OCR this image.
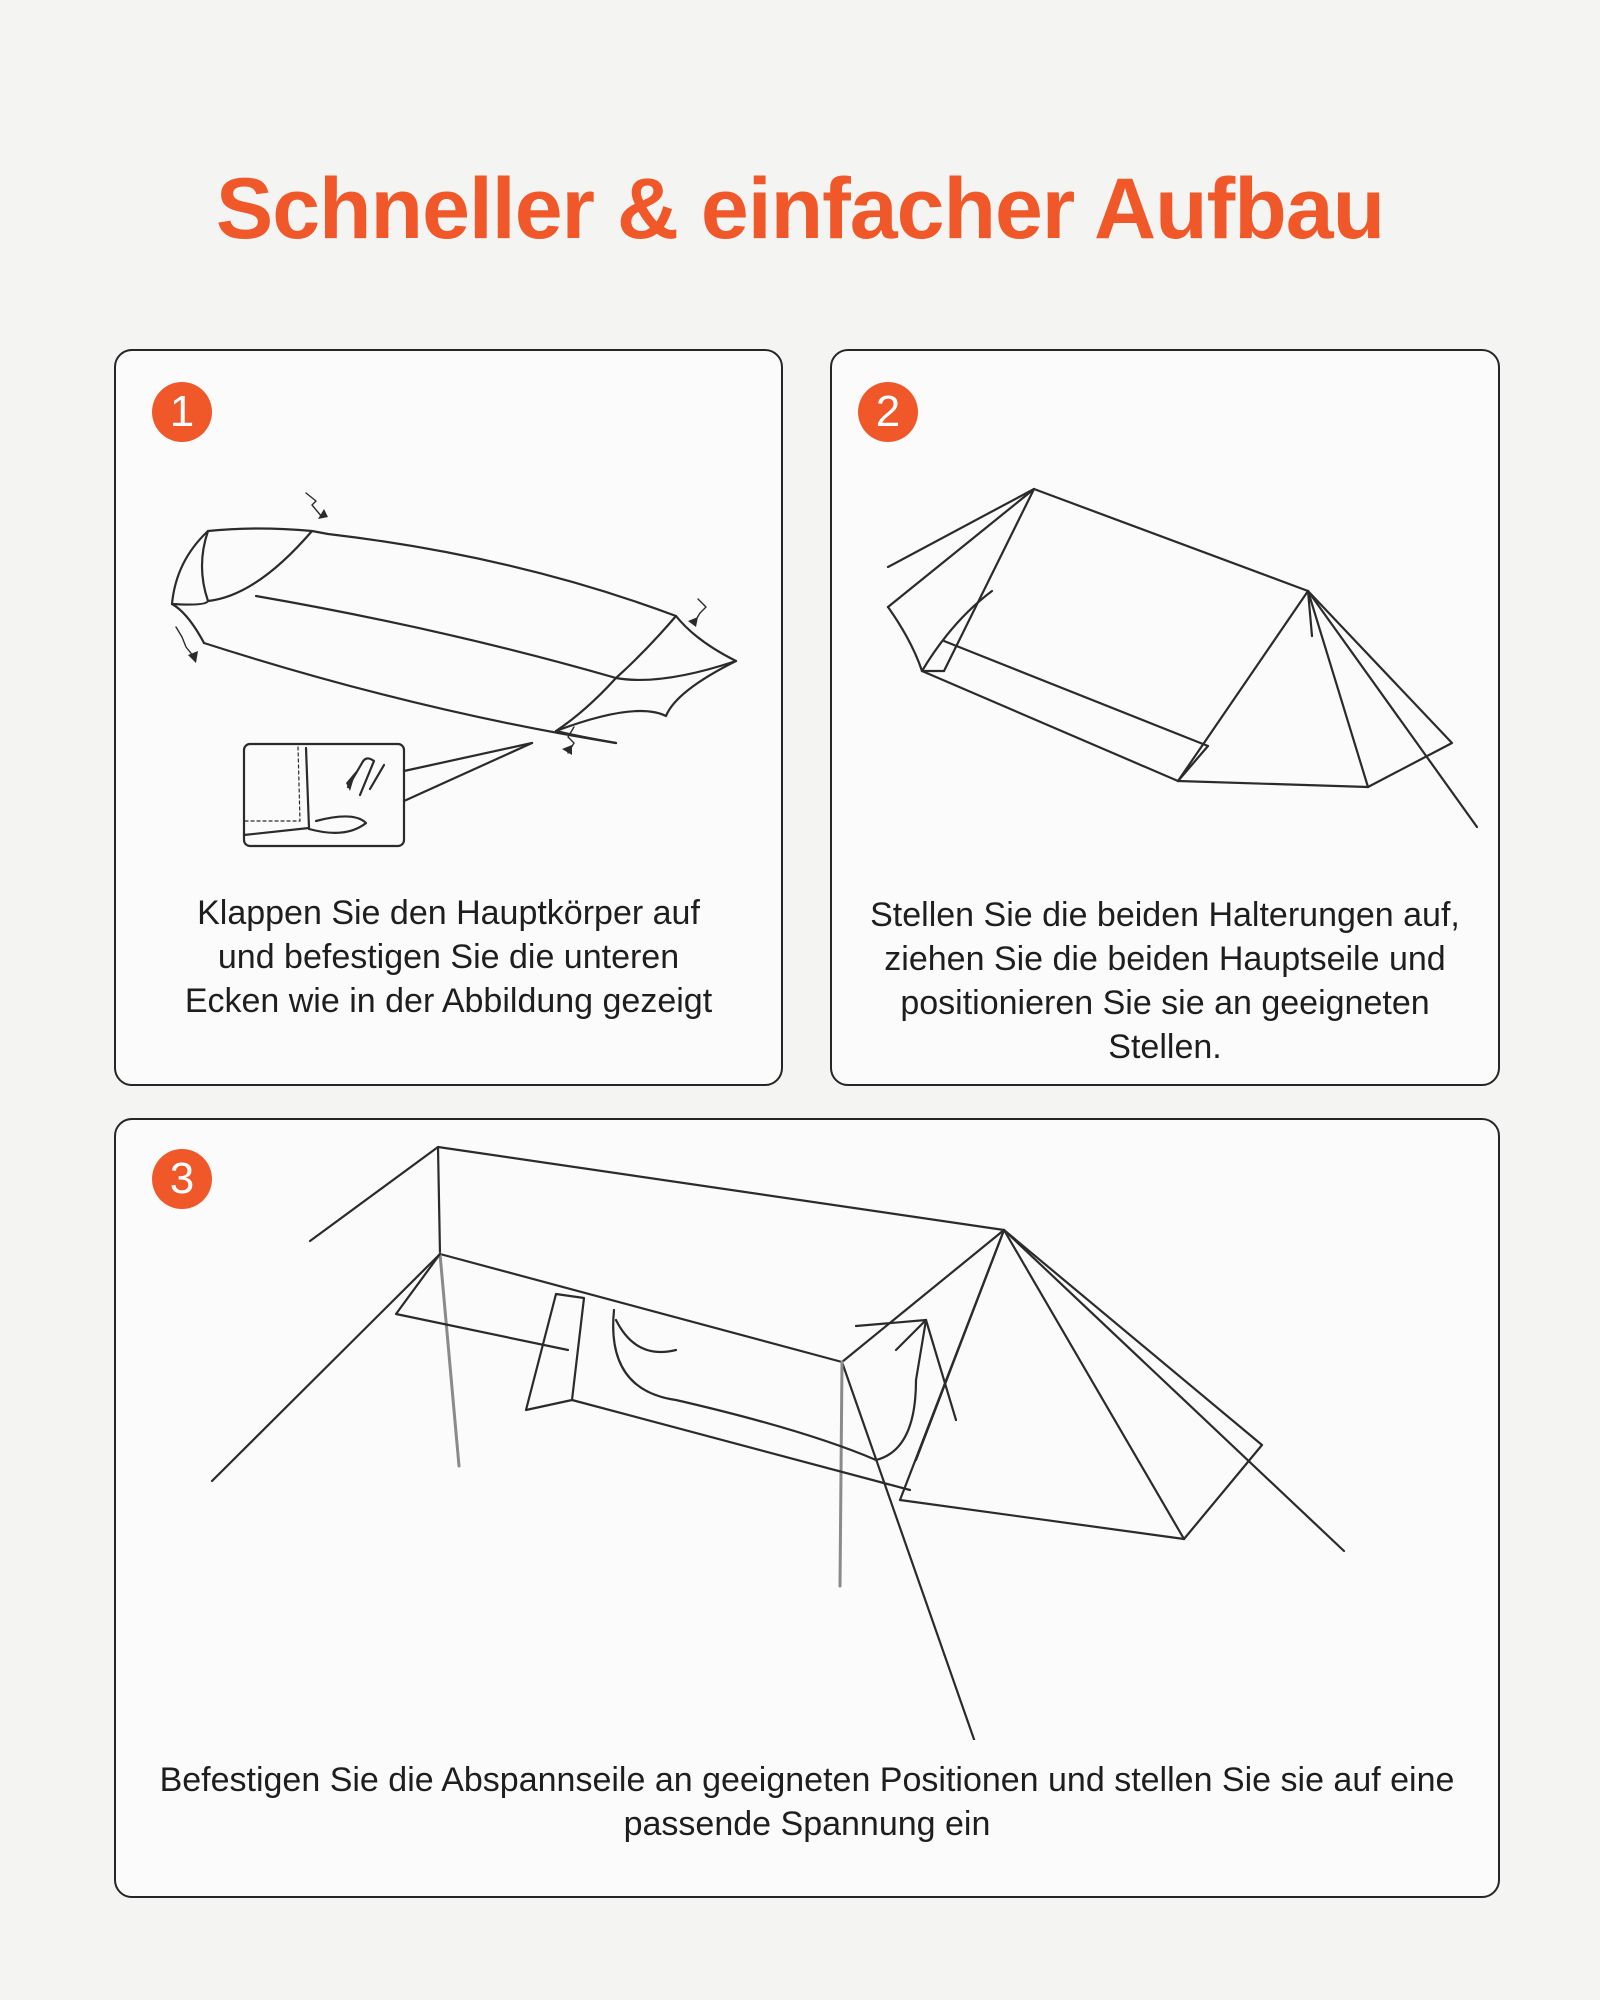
Schneller & einfacher Aufbau
1

Klappen Sie den Hauptkörper auf und befestigen Sie die unteren Ecken wie in der Abbildung gezeigt

2

Stellen Sie die beiden Halterungen auf, ziehen Sie die beiden Hauptseile und positionieren Sie sie an geeigneten Stellen.

3

Befestigen Sie die Abspannseile an geeigneten Positionen und stellen Sie sie auf eine passende Spannung ein
